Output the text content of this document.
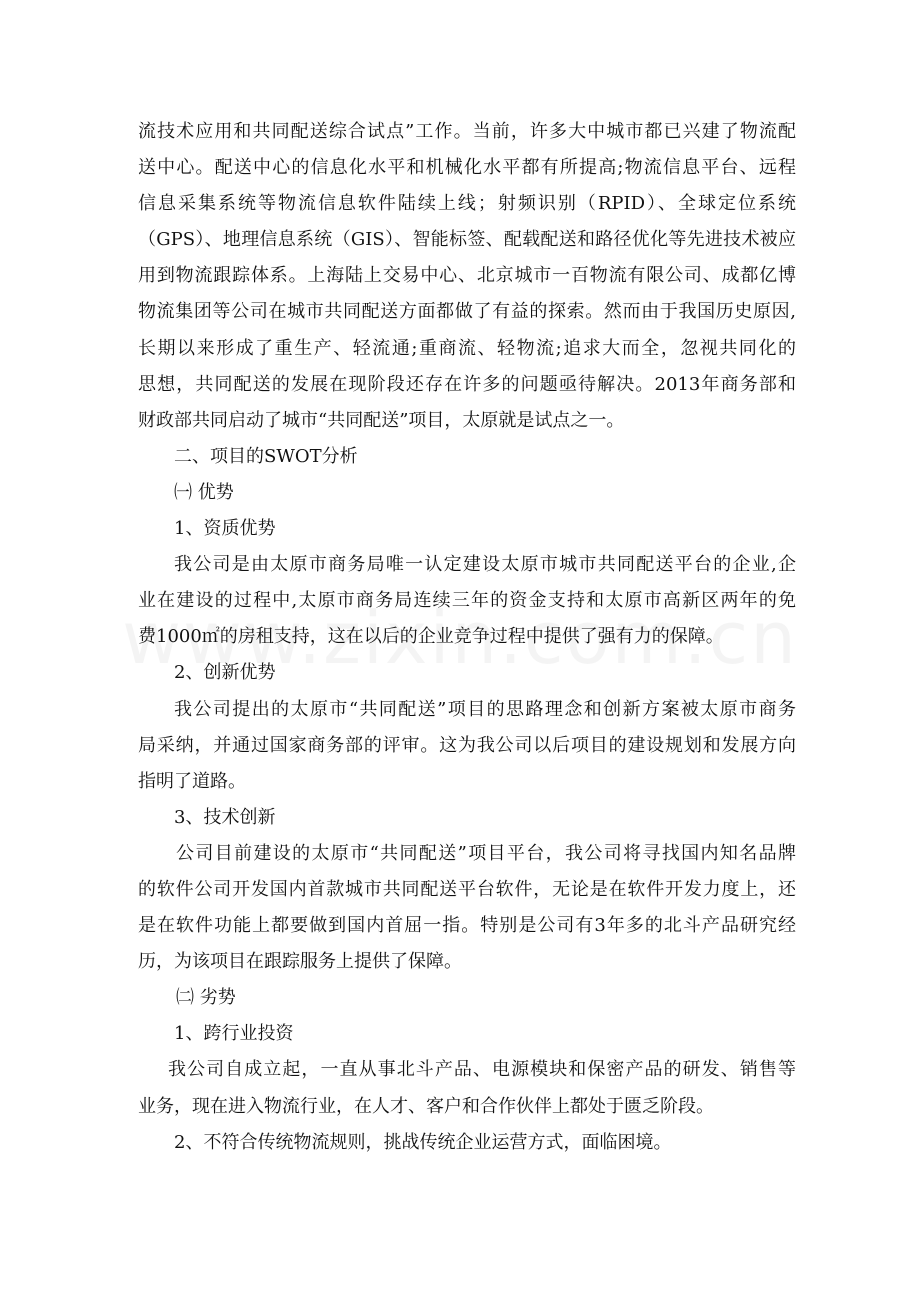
流技术应用和共同配送综合试点”工作。当前，许多大中城市都已兴建了物流配
送中心。配送中心的信息化水平和机械化水平都有所提高;物流信息平台、远程
信息采集系统等物流信息软件陆续上线；射频识别（RPID）、全球定位系统
（GPS）、地理信息系统（GIS）、智能标签、配载配送和路径优化等先进技术被应
用到物流跟踪体系。上海陆上交易中心、北京城市一百物流有限公司、成都亿博
物流集团等公司在城市共同配送方面都做了有益的探索。然而由于我国历史原因,
长期以来形成了重生产、轻流通;重商流、轻物流;追求大而全，忽视共同化的
思想，共同配送的发展在现阶段还存在许多的问题亟待解决。2013年商务部和
财政部共同启动了城市“共同配送”项目，太原就是试点之一。
二、项目的SWOT分析
㈠ 优势
1、资质优势
我公司是由太原市商务局唯一认定建设太原市城市共同配送平台的企业,企
业在建设的过程中,太原市商务局连续三年的资金支持和太原市高新区两年的免
费1000㎡的房租支持，这在以后的企业竞争过程中提供了强有力的保障。
2、创新优势
我公司提出的太原市“共同配送”项目的思路理念和创新方案被太原市商务
局采纳，并通过国家商务部的评审。这为我公司以后项目的建设规划和发展方向
指明了道路。
3、技术创新
公司目前建设的太原市“共同配送”项目平台，我公司将寻找国内知名品牌
的软件公司开发国内首款城市共同配送平台软件，无论是在软件开发力度上，还
是在软件功能上都要做到国内首屈一指。特别是公司有3年多的北斗产品研究经
历，为该项目在跟踪服务上提供了保障。
㈡ 劣势
1、跨行业投资
我公司自成立起，一直从事北斗产品、电源模块和保密产品的研发、销售等
业务，现在进入物流行业，在人才、客户和合作伙伴上都处于匮乏阶段。
2、不符合传统物流规则，挑战传统企业运营方式，面临困境。
